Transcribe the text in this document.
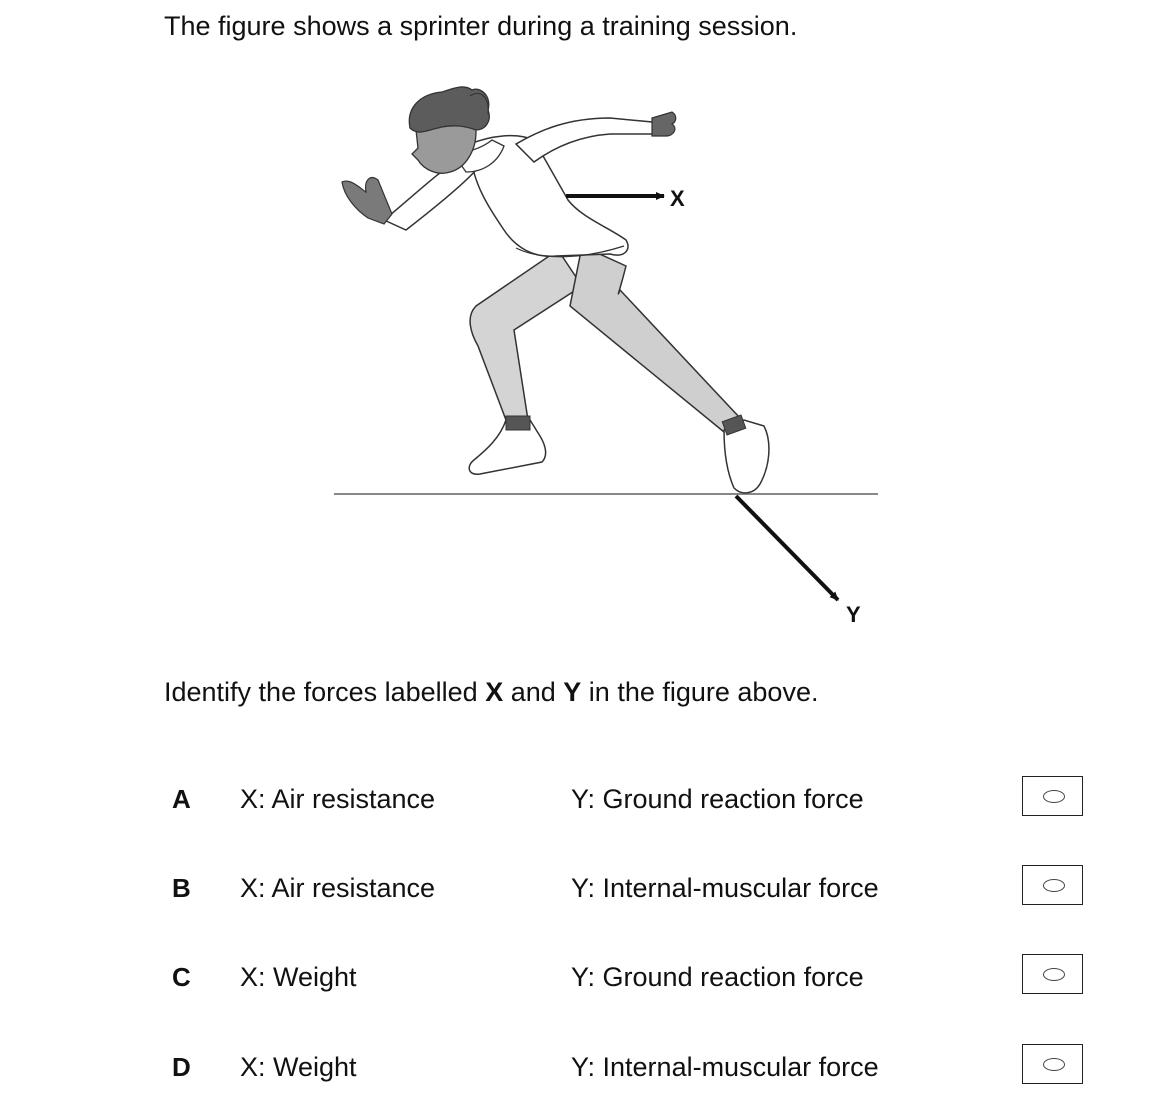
The figure shows a sprinter during a training session.

X
Y

Identify the forces labelled X and Y in the figure above.

A X: Air resistance	Y: Ground reaction force
B X: Air resistance	Y: Internal-muscular force
C X: Weight	Y: Ground reaction force
D X: Weight	Y: Internal-muscular force
